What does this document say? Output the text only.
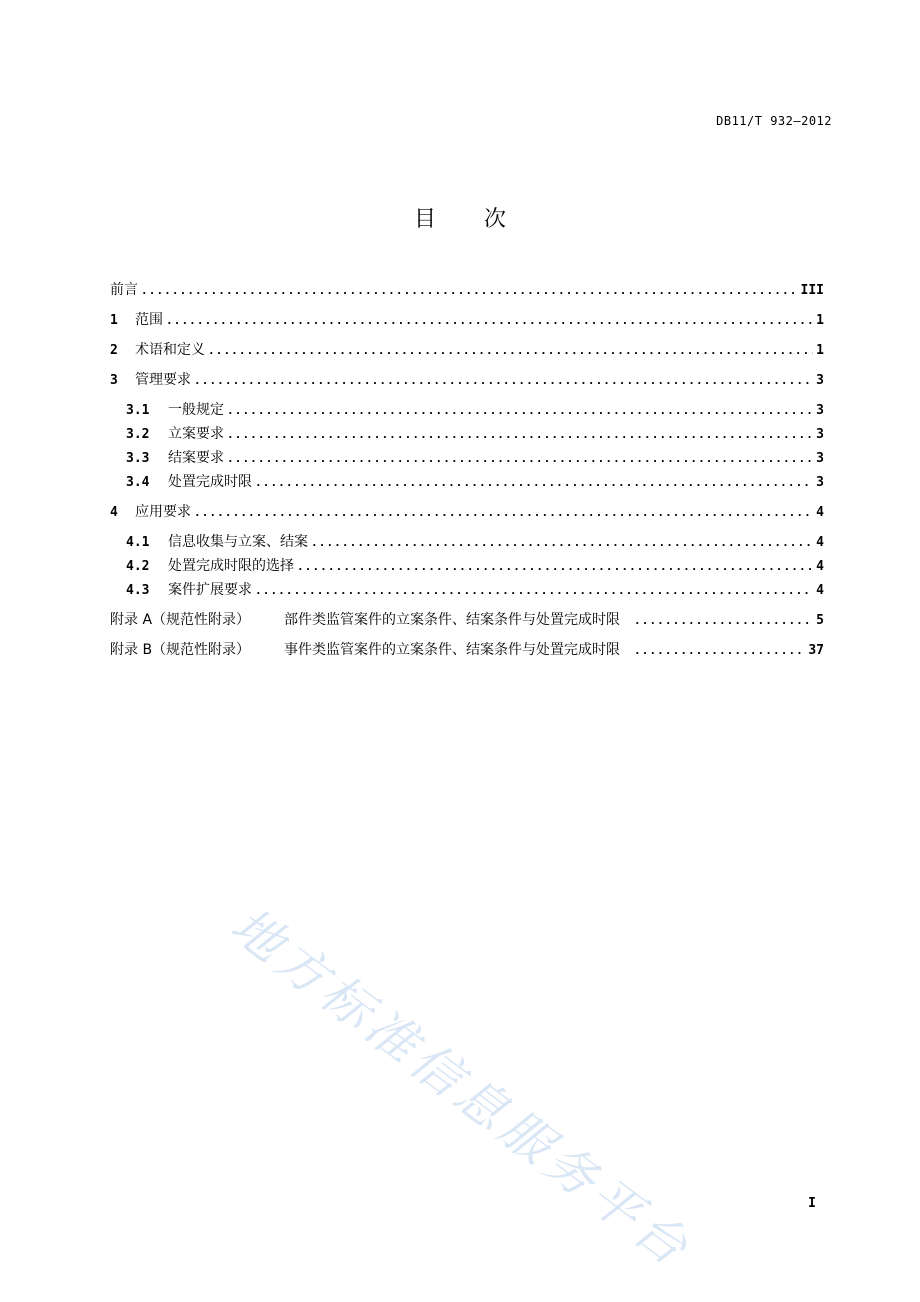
DB11/T 932—2012
目次
前言 .....	III
1	范围 .....	1
2	术语和定义 .....	1
3	管理要求 .....	3
3.1	一般规定 .....	3
3.2	立案要求 .....	3
3.3	结案要求 .....	3
3.4	处置完成时限 .....	3
4	应用要求 .....	4
4.1	信息收集与立案、结案 .....	4
4.2	处置完成时限的选择 .....	4
4.3	案件扩展要求 .....	4
附录 A（规范性附录）	部件类监管案件的立案条件、结案条件与处置完成时限 .....	5
附录 B（规范性附录）	事件类监管案件的立案条件、结案条件与处置完成时限 .....	37
地方标准信息服务平台	I
